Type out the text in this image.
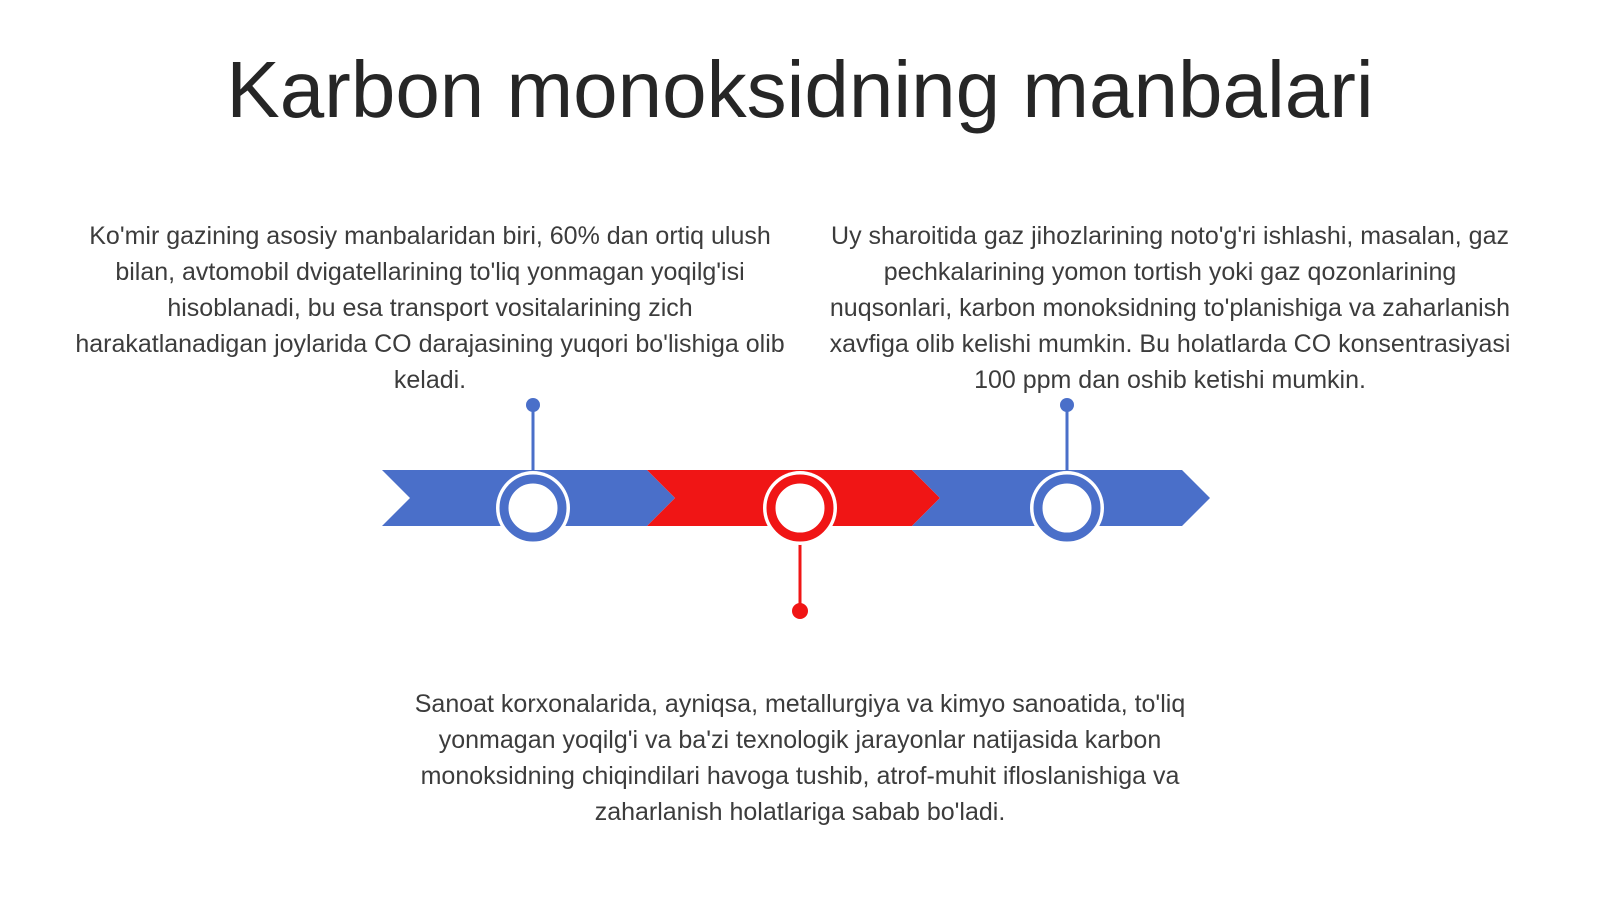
Karbon monoksidning manbalari

Ko'mir gazining asosiy manbalaridan biri, 60% dan ortiq ulush bilan, avtomobil dvigatellarining to'liq yonmagan yoqilg'isi hisoblanadi, bu esa transport vositalarining zich harakatlanadigan joylarida CO darajasining yuqori bo'lishiga olib keladi.

Uy sharoitida gaz jihozlarining noto'g'ri ishlashi, masalan, gaz pechkalarining yomon tortish yoki gaz qozonlarining nuqsonlari, karbon monoksidning to'planishiga va zaharlanish xavfiga olib kelishi mumkin. Bu holatlarda CO konsentrasiyasi 100 ppm dan oshib ketishi mumkin.

Sanoat korxonalarida, ayniqsa, metallurgiya va kimyo sanoatida, to'liq yonmagan yoqilg'i va ba'zi texnologik jarayonlar natijasida karbon monoksidning chiqindilari havoga tushib, atrof-muhit ifloslanishiga va zaharlanish holatlariga sabab bo'ladi.
